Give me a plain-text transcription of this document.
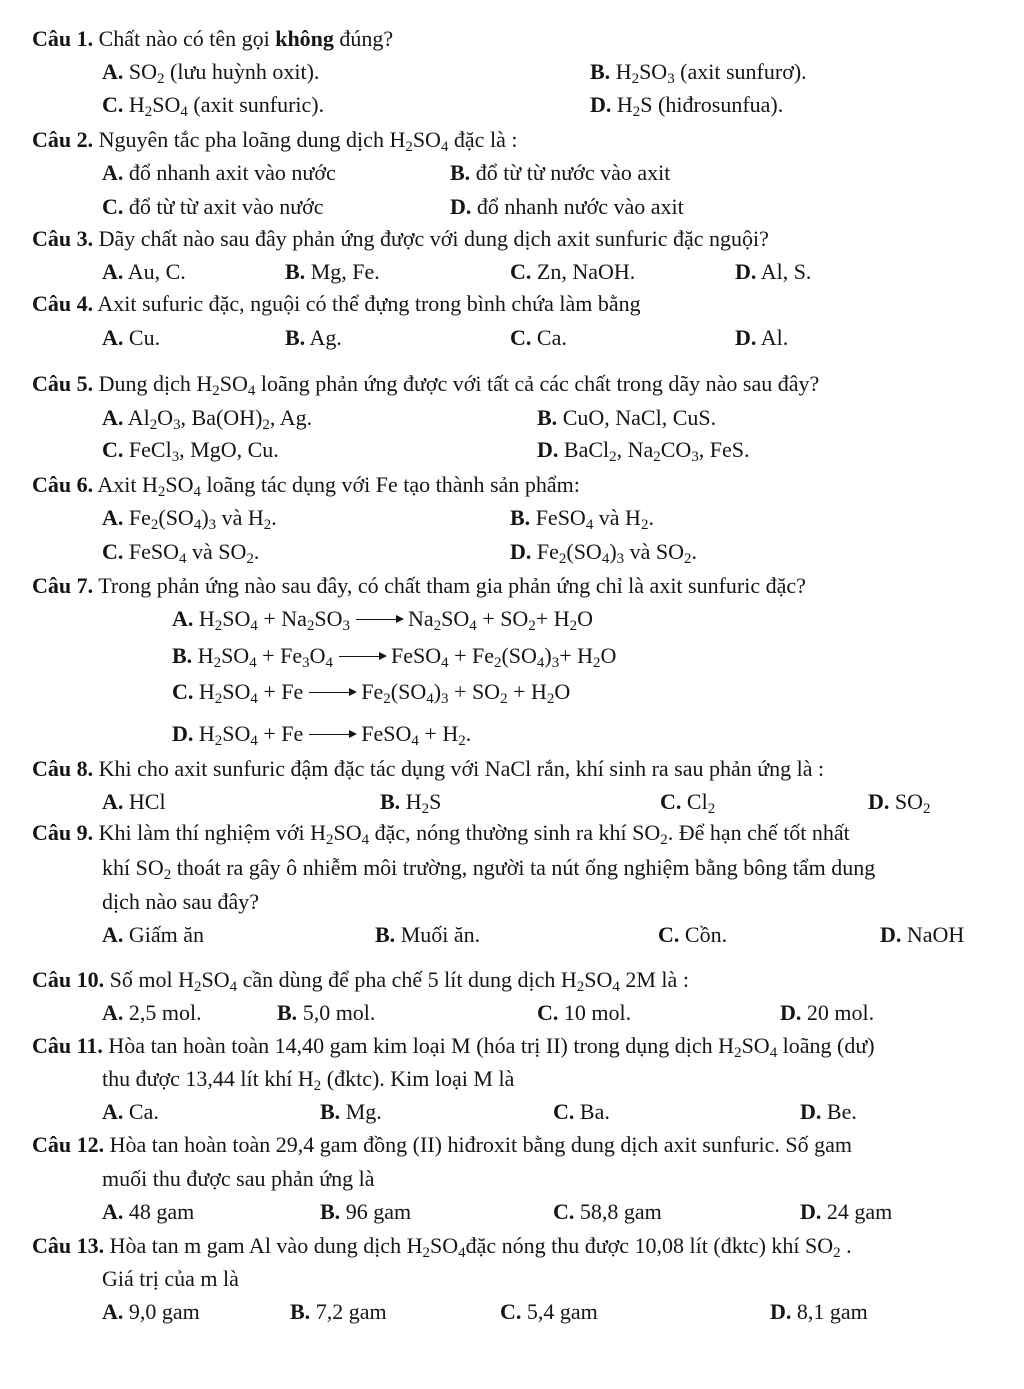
Câu 1. Chất nào có tên gọi không đúng?
A. $SO_2$ (lưu huỳnh oxit).	B. $H_2SO_3$ (axit sunfurơ).
C. $H_2SO_4$ (axit sunfuric).	D. $H_2S$ (hiđrosunfua).
Câu 2. Nguyên tắc pha loãng dung dịch $H_2SO_4$ đặc là :
A. đổ nhanh axit vào nước	B. đổ từ từ nước vào axit
C. đổ từ từ axit vào nước	D. đổ nhanh nước vào axit
Câu 3. Dãy chất nào sau đây phản ứng được với dung dịch axit sunfuric đặc nguội?
A. Au, C.	B. Mg, Fe.	C. Zn, NaOH.	D. Al, S.
Câu 4. Axit sufuric đặc, nguội có thể đựng trong bình chứa làm bằng
A. Cu.	B. Ag.	C. Ca.	D. Al.
Câu 5. Dung dịch $H_2SO_4$ loãng phản ứng được với tất cả các chất trong dãy nào sau đây?
A. $Al_2O_3$, $Ba(OH)_2$, Ag.	B. CuO, NaCl, CuS.
C. FeCl$_3$, MgO, Cu.	D. BaCl$_2$, $Na_2CO_3$, FeS.
Câu 6. Axit $H_2SO_4$ loãng tác dụng với Fe tạo thành sản phẩm:
A. $Fe_2(SO_4)_3$ và $H_2$.	B. FeSO$_4$ và $H_2$.
C. FeSO$_4$ và $SO_2$.	D. $Fe_2(SO_4)_3$ và $SO_2$.
Câu 7. Trong phản ứng nào sau đây, có chất tham gia phản ứng chỉ là axit sunfuric đặc?
A. $H_2SO_4 + Na_2SO_3$	$Na_2SO_4 + SO_2+ H_2O$
B. $H_2SO_4 + Fe_3O_4$	FeSO$_4$ + $Fe_2(SO_4)_3+ H_2O$
C. $H_2SO_4 + Fe$	$Fe_2(SO_4)_3 + SO_2 + H_2O$
D. $H_2SO_4 + Fe$	FeSO$_4$ + $H_2$.
Câu 8. Khi cho axit sunfuric đậm đặc tác dụng với NaCl rắn, khí sinh ra sau phản ứng là :
A. HCl	B. $H_2S$	C. $Cl_2$	D. $SO_2$
Câu 9. Khi làm thí nghiệm với $H_2SO_4$ đặc, nóng thường sinh ra khí $SO_2$. Để hạn chế tốt nhất
khí $SO_2$ thoát ra gây ô nhiễm môi trường, người ta nút ống nghiệm bằng bông tẩm dung
dịch nào sau đây?
A. Giấm ăn	B. Muối ăn.	C. Cồn.	D. NaOH
Câu 10. Số mol $H_2SO_4$ cần dùng để pha chế 5 lít dung dịch $H_2SO_4$ 2M là :
A. 2,5 mol.	B. 5,0 mol.	C. 10 mol.	D. 20 mol.
Câu 11. Hòa tan hoàn toàn 14,40 gam kim loại M (hóa trị II) trong dụng dịch $H_2SO_4$ loãng (dư)
thu được 13,44 lít khí $H_2$ (đktc). Kim loại M là
A. Ca.	B. Mg.	C. Ba.	D. Be.
Câu 12. Hòa tan hoàn toàn 29,4 gam đồng (II) hiđroxit bằng dung dịch axit sunfuric. Số gam
muối thu được sau phản ứng là
A. 48 gam	B. 96 gam	C. 58,8 gam	D. 24 gam
Câu 13. Hòa tan m gam Al vào dung dịch $H_2SO_4đặc$ nóng thu được 10,08 lít (đktc) khí $SO_2$ .
Giá trị của m là
A. 9,0 gam	B. 7,2 gam	C. 5,4 gam	D. 8,1 gam
